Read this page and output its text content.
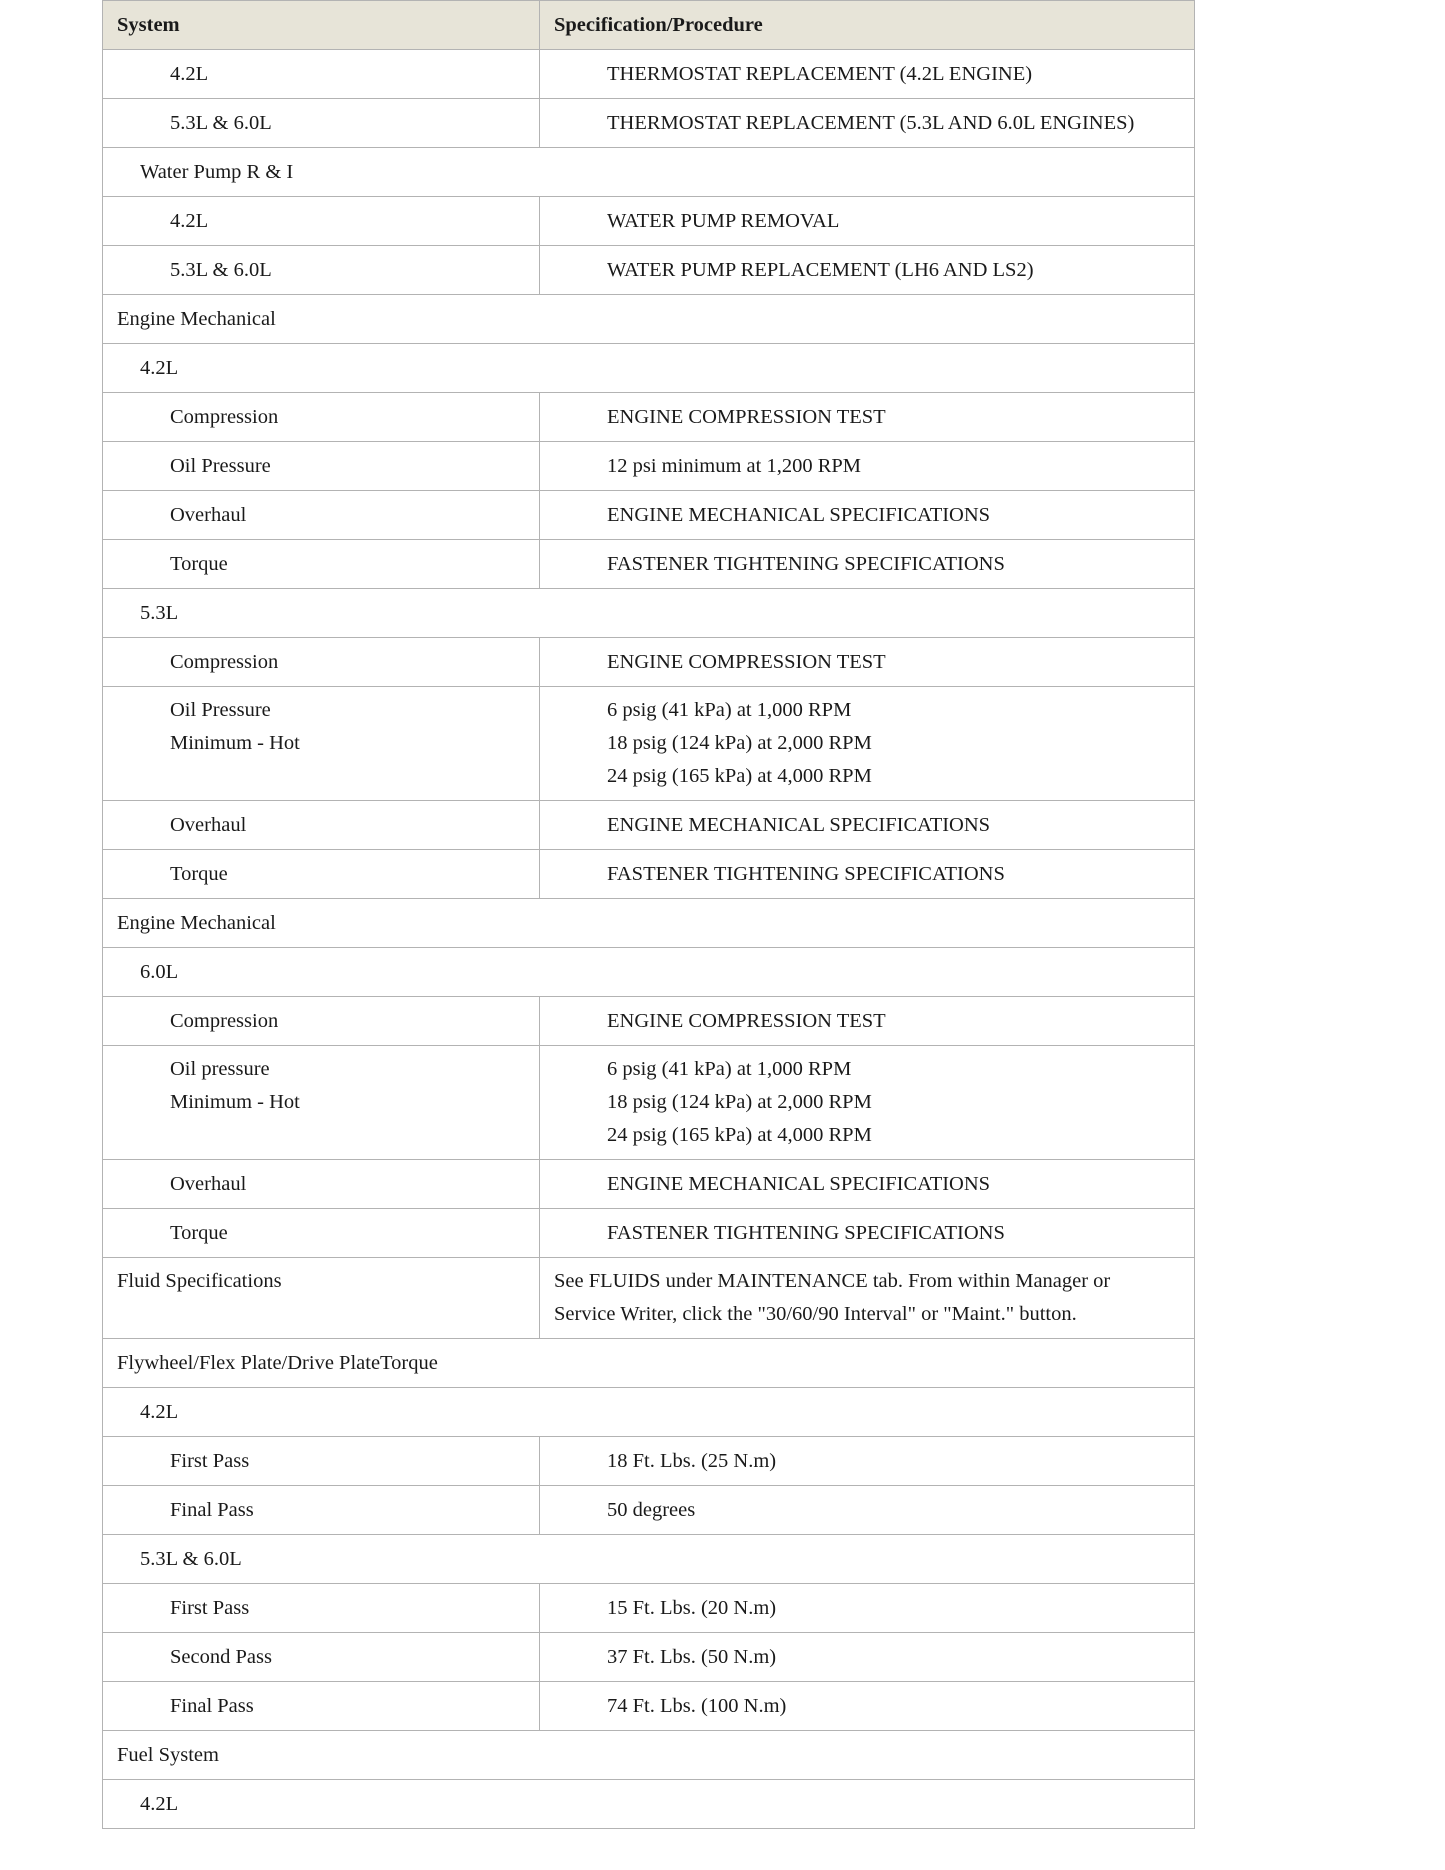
System	Specification/Procedure

4.2L	THERMOSTAT REPLACEMENT (4.2L ENGINE)

5.3L & 6.0L	THERMOSTAT REPLACEMENT (5.3L AND 6.0L ENGINES)

Water Pump R & I	

4.2L	WATER PUMP REMOVAL

5.3L & 6.0L	WATER PUMP REPLACEMENT (LH6 AND LS2)

Engine Mechanical	

4.2L	

Compression	ENGINE COMPRESSION TEST

Oil Pressure	12 psi minimum at 1,200 RPM

Overhaul	ENGINE MECHANICAL SPECIFICATIONS

Torque	FASTENER TIGHTENING SPECIFICATIONS

5.3L	

Compression	ENGINE COMPRESSION TEST

Oil Pressure
Minimum - Hot	6 psig (41 kPa) at 1,000 RPM
18 psig (124 kPa) at 2,000 RPM
24 psig (165 kPa) at 4,000 RPM

Overhaul	ENGINE MECHANICAL SPECIFICATIONS

Torque	FASTENER TIGHTENING SPECIFICATIONS

Engine Mechanical	

6.0L	

Compression	ENGINE COMPRESSION TEST

Oil pressure
Minimum - Hot	6 psig (41 kPa) at 1,000 RPM
18 psig (124 kPa) at 2,000 RPM
24 psig (165 kPa) at 4,000 RPM

Overhaul	ENGINE MECHANICAL SPECIFICATIONS

Torque	FASTENER TIGHTENING SPECIFICATIONS

Fluid Specifications	See FLUIDS under MAINTENANCE tab. From within Manager or
Service Writer, click the "30/60/90 Interval" or "Maint." button.

Flywheel/Flex Plate/Drive PlateTorque	

4.2L	

First Pass	18 Ft. Lbs. (25 N.m)

Final Pass	50 degrees

5.3L & 6.0L	

First Pass	15 Ft. Lbs. (20 N.m)

Second Pass	37 Ft. Lbs. (50 N.m)

Final Pass	74 Ft. Lbs. (100 N.m)

Fuel System	

4.2L	
